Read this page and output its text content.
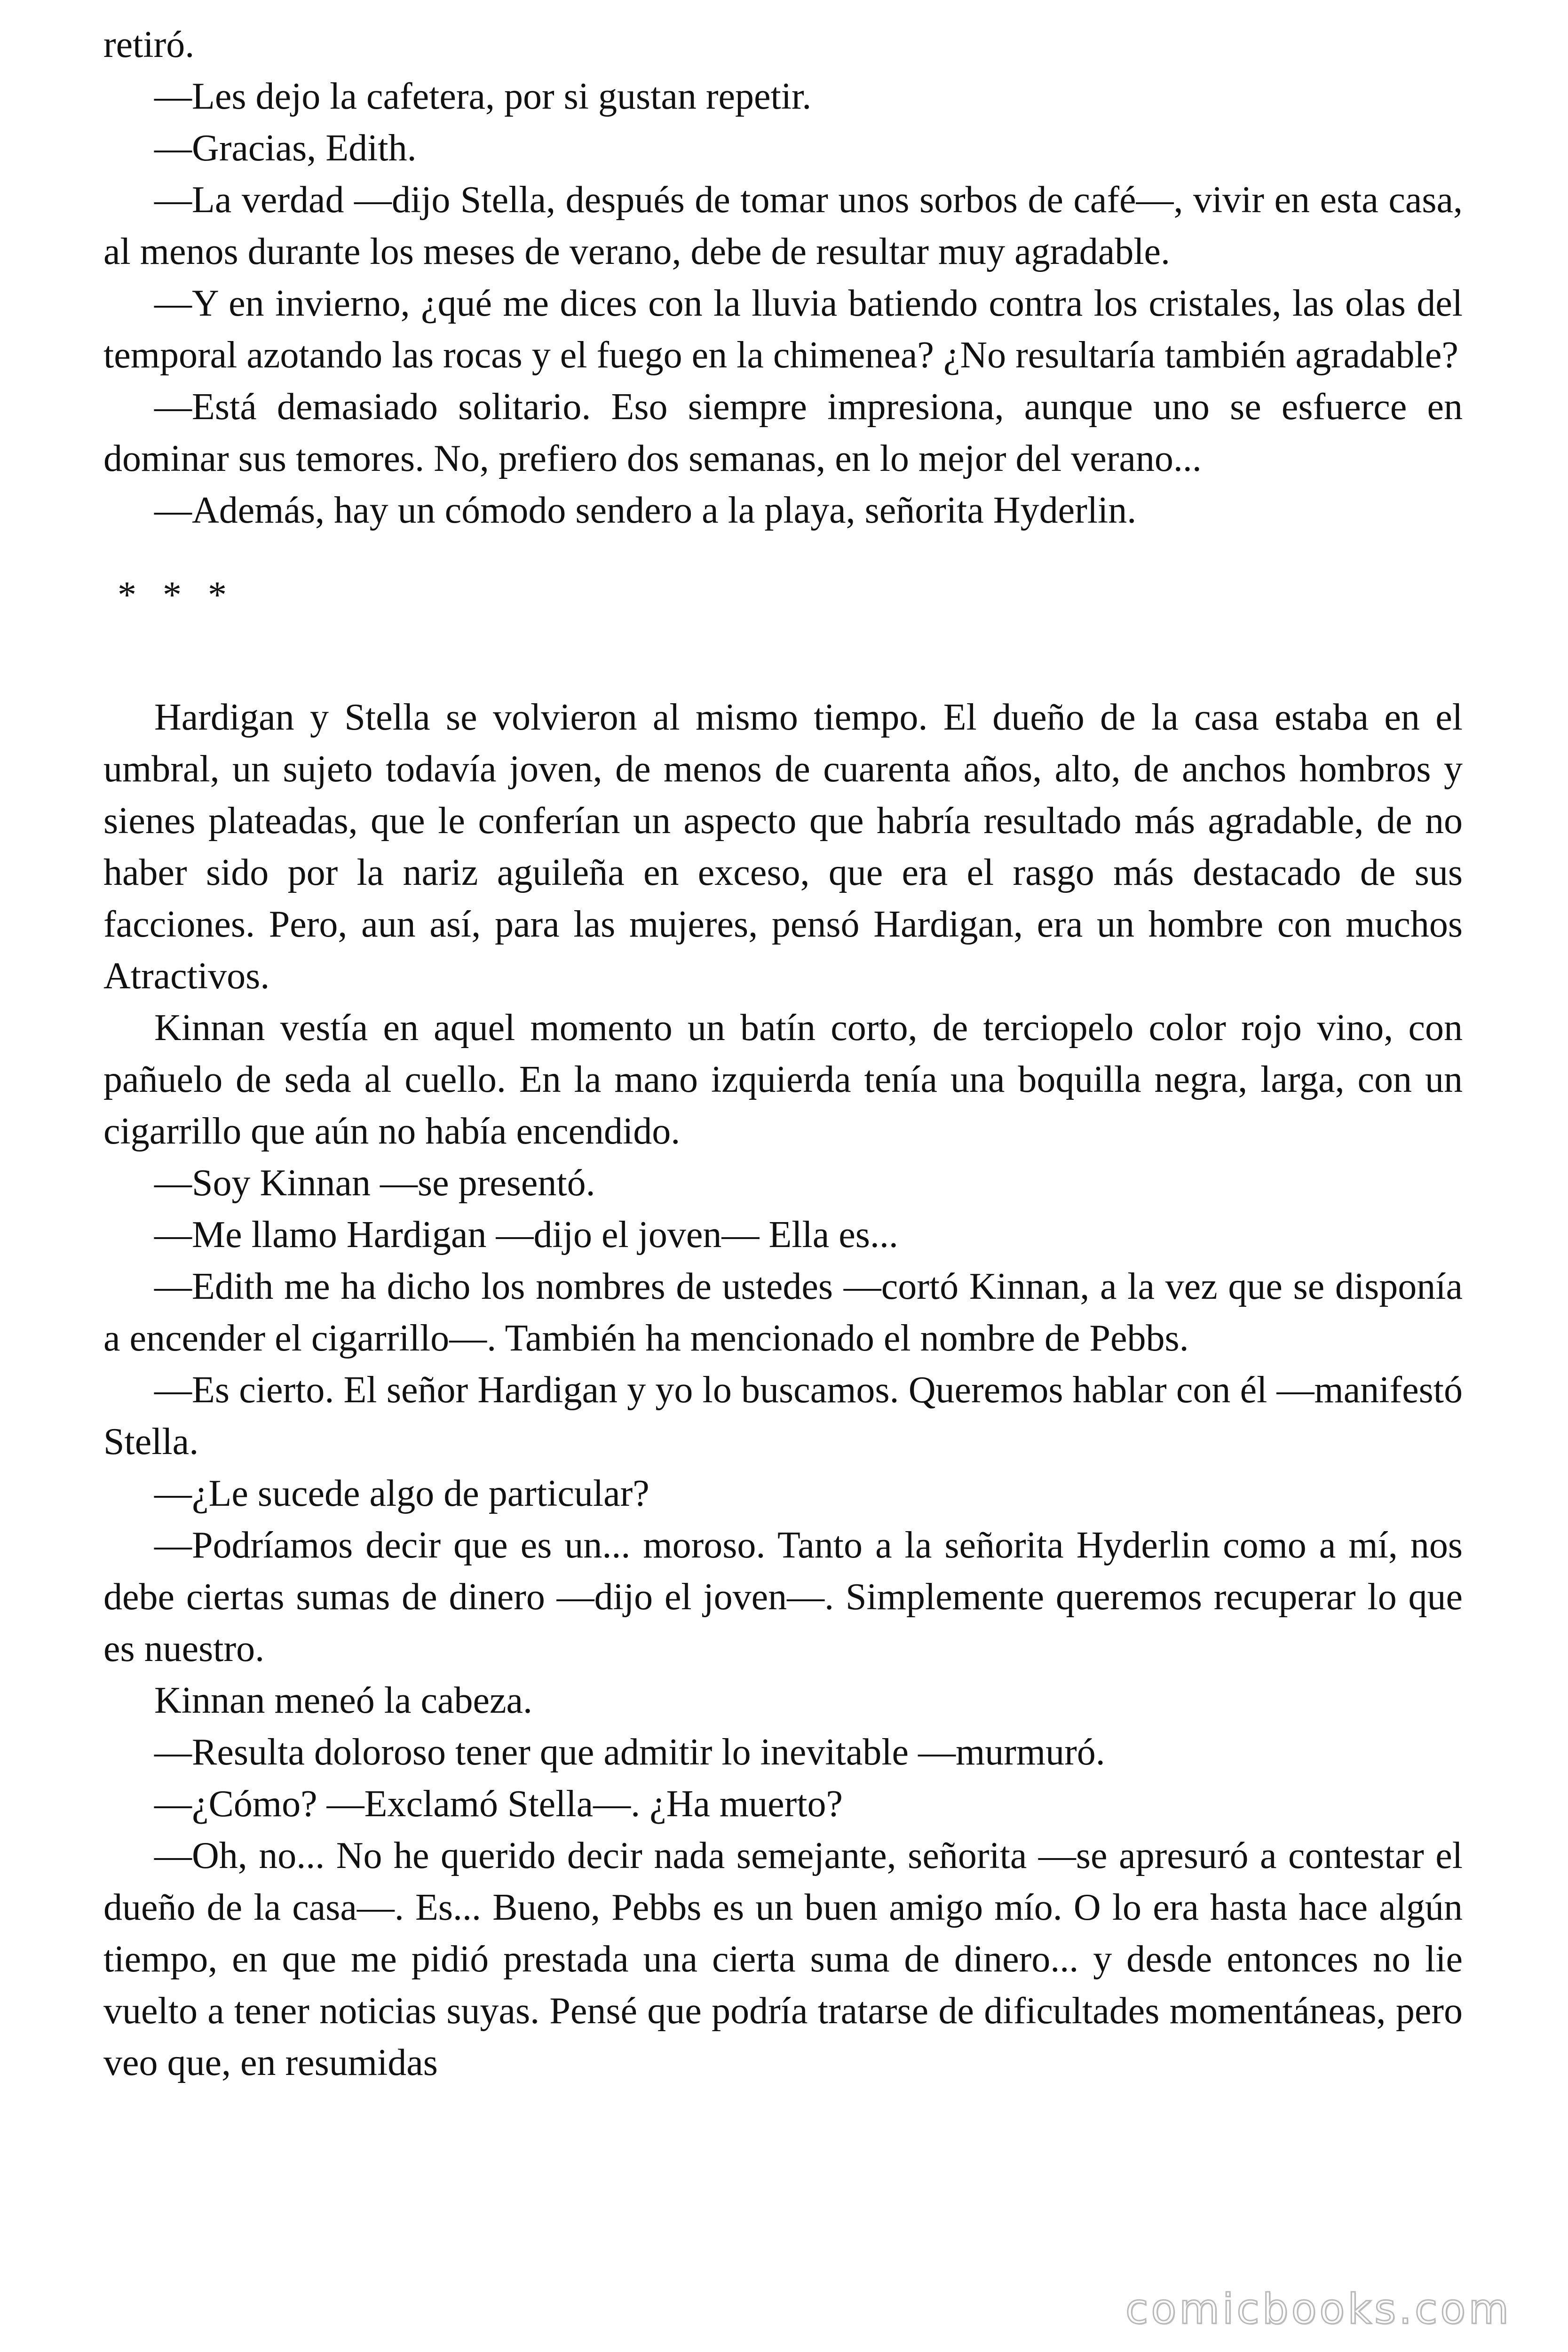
retiró.

—Les dejo la cafetera, por si gustan repetir.

—Gracias, Edith.

—La verdad —dijo Stella, después de tomar unos sorbos de café—, vivir en esta casa, al menos durante los meses de verano, debe de resultar muy agradable.

—Y en invierno, ¿qué me dices con la lluvia batiendo contra los cristales, las olas del temporal azotando las rocas y el fuego en la chimenea? ¿No resultaría también agradable?

—Está demasiado solitario. Eso siempre impresiona, aunque uno se esfuerce en dominar sus temores. No, prefiero dos semanas, en lo mejor del verano...

—Además, hay un cómodo sendero a la playa, señorita Hyderlin.

* * *

Hardigan y Stella se volvieron al mismo tiempo. El dueño de la casa estaba en el umbral, un sujeto todavía joven, de menos de cuarenta años, alto, de anchos hombros y sienes plateadas, que le conferían un aspecto que habría resultado más agradable, de no haber sido por la nariz aguileña en exceso, que era el rasgo más destacado de sus facciones. Pero, aun así, para las mujeres, pensó Hardigan, era un hombre con muchos Atractivos.

Kinnan vestía en aquel momento un batín corto, de terciopelo color rojo vino, con pañuelo de seda al cuello. En la mano izquierda tenía una boquilla negra, larga, con un cigarrillo que aún no había encendido.

—Soy Kinnan —se presentó.

—Me llamo Hardigan —dijo el joven— Ella es...

—Edith me ha dicho los nombres de ustedes —cortó Kinnan, a la vez que se disponía a encender el cigarrillo—. También ha mencionado el nombre de Pebbs.

—Es cierto. El señor Hardigan y yo lo buscamos. Queremos hablar con él —manifestó Stella.

—¿Le sucede algo de particular?

—Podríamos decir que es un... moroso. Tanto a la señorita Hyderlin como a mí, nos debe ciertas sumas de dinero —dijo el joven—. Simplemente queremos recuperar lo que es nuestro.

Kinnan meneó la cabeza.

—Resulta doloroso tener que admitir lo inevitable —murmuró.

—¿Cómo? —Exclamó Stella—. ¿Ha muerto?

—Oh, no... No he querido decir nada semejante, señorita —se apresuró a contestar el dueño de la casa—. Es... Bueno, Pebbs es un buen amigo mío. O lo era hasta hace algún tiempo, en que me pidió prestada una cierta suma de dinero... y desde entonces no lie vuelto a tener noticias suyas. Pensé que podría tratarse de dificultades momentáneas, pero veo que, en resumidas

comicbooks.com
